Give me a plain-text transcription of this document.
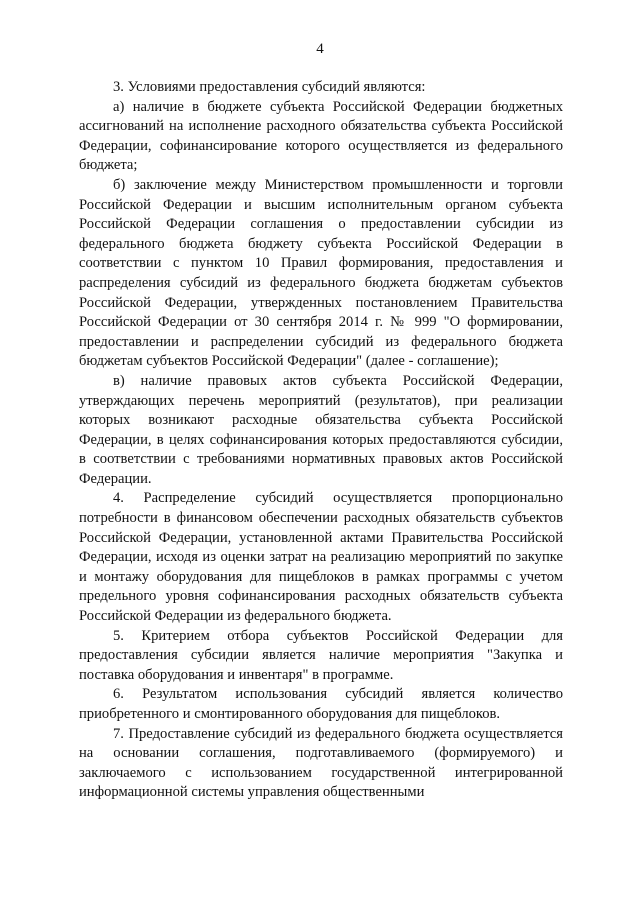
4

3. Условиями предоставления субсидий являются:

а) наличие в бюджете субъекта Российской Федерации бюджетных ассигнований на исполнение расходного обязательства субъекта Российской Федерации, софинансирование которого осуществляется из федерального бюджета;

б) заключение между Министерством промышленности и торговли Российской Федерации и высшим исполнительным органом субъекта Российской Федерации соглашения о предоставлении субсидии из федерального бюджета бюджету субъекта Российской Федерации в соответствии с пунктом 10 Правил формирования, предоставления и распределения субсидий из федерального бюджета бюджетам субъектов Российской Федерации, утвержденных постановлением Правительства Российской Федерации от 30 сентября 2014 г. № 999 "О формировании, предоставлении и распределении субсидий из федерального бюджета бюджетам субъектов Российской Федерации" (далее - соглашение);

в) наличие правовых актов субъекта Российской Федерации, утверждающих перечень мероприятий (результатов), при реализации которых возникают расходные обязательства субъекта Российской Федерации, в целях софинансирования которых предоставляются субсидии, в соответствии с требованиями нормативных правовых актов Российской Федерации.

4. Распределение субсидий осуществляется пропорционально потребности в финансовом обеспечении расходных обязательств субъектов Российской Федерации, установленной актами Правительства Российской Федерации, исходя из оценки затрат на реализацию мероприятий по закупке и монтажу оборудования для пищеблоков в рамках программы с учетом предельного уровня софинансирования расходных обязательств субъекта Российской Федерации из федерального бюджета.

5. Критерием отбора субъектов Российской Федерации для предоставления субсидии является наличие мероприятия "Закупка и поставка оборудования и инвентаря" в программе.

6. Результатом использования субсидий является количество приобретенного и смонтированного оборудования для пищеблоков.

7. Предоставление субсидий из федерального бюджета осуществляется на основании соглашения, подготавливаемого (формируемого) и заключаемого с использованием государственной интегрированной информационной системы управления общественными
